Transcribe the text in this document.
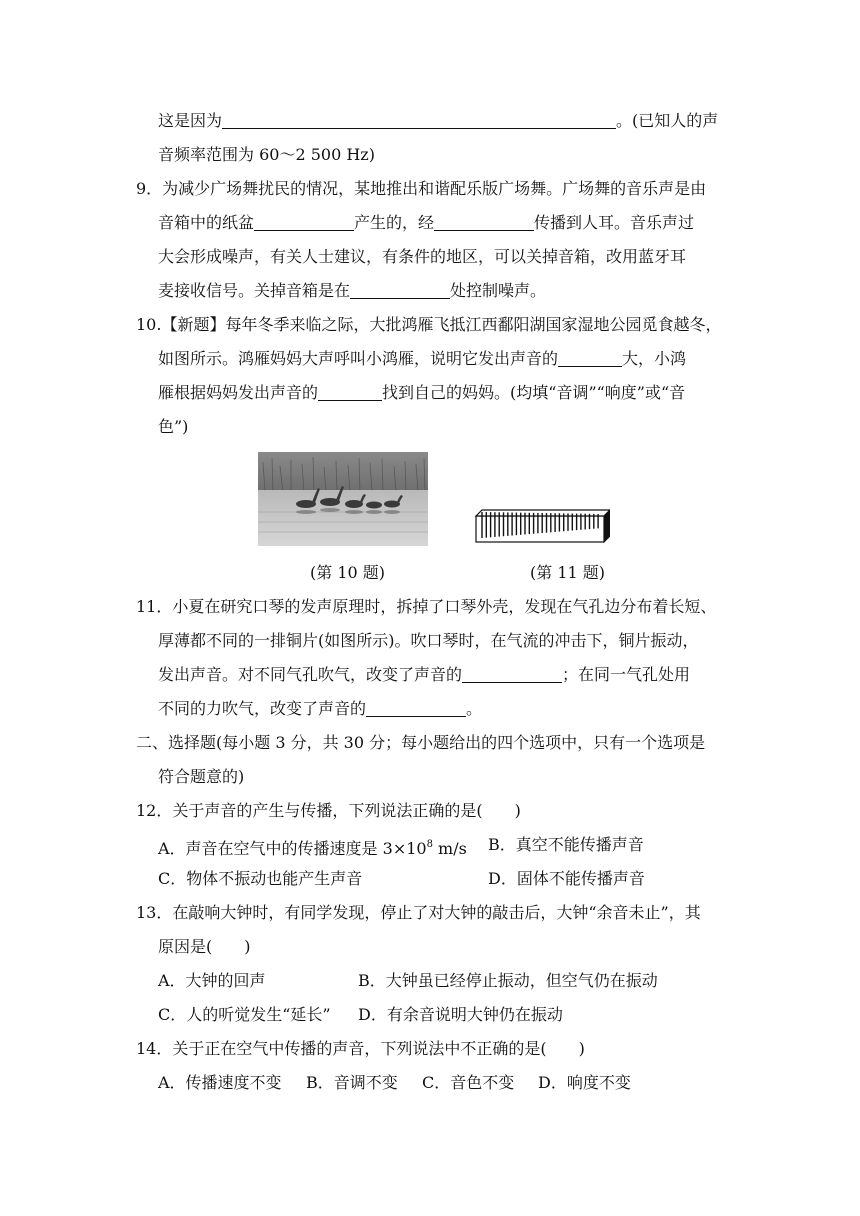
这是因为	。(已知人的声
音频率范围为 60～2 500 Hz)
9．为减少广场舞扰民的情况，某地推出和谐配乐版广场舞。广场舞的音乐声是由
音箱中的纸盆	产生的，经	传播到人耳。音乐声过
大会形成噪声，有关人士建议，有条件的地区，可以关掉音箱，改用蓝牙耳
麦接收信号。关掉音箱是在	处控制噪声。
10.【新题】每年冬季来临之际，大批鸿雁飞抵江西鄱阳湖国家湿地公园觅食越冬，
如图所示。鸿雁妈妈大声呼叫小鸿雁，说明它发出声音的	大，小鸿
雁根据妈妈发出声音的	找到自己的妈妈。(均填“音调”“响度”或“音
色”)
(第 10 题)	(第 11 题)
11．小夏在研究口琴的发声原理时，拆掉了口琴外壳，发现在气孔边分布着长短、
厚薄都不同的一排铜片(如图所示)。吹口琴时，在气流的冲击下，铜片振动，
发出声音。对不同气孔吹气，改变了声音的	；在同一气孔处用
不同的力吹气，改变了声音的	。
二、选择题(每小题 3 分，共 30 分；每小题给出的四个选项中，只有一个选项是
符合题意的)
12．关于声音的产生与传播，下列说法正确的是(　　)
A．声音在空气中的传播速度是 $3\times 10^8$ m/s B．真空不能传播声音
C．物体不振动也能产生声音	D．固体不能传播声音
13．在敲响大钟时，有同学发现，停止了对大钟的敲击后，大钟“余音未止”，其
原因是(　　)
A．大钟的回声	B．大钟虽已经停止振动，但空气仍在振动
C．人的听觉发生“延长” D．有余音说明大钟仍在振动
14．关于正在空气中传播的声音，下列说法中不正确的是(　　)
A．传播速度不变 B．音调不变 C．音色不变 D．响度不变
